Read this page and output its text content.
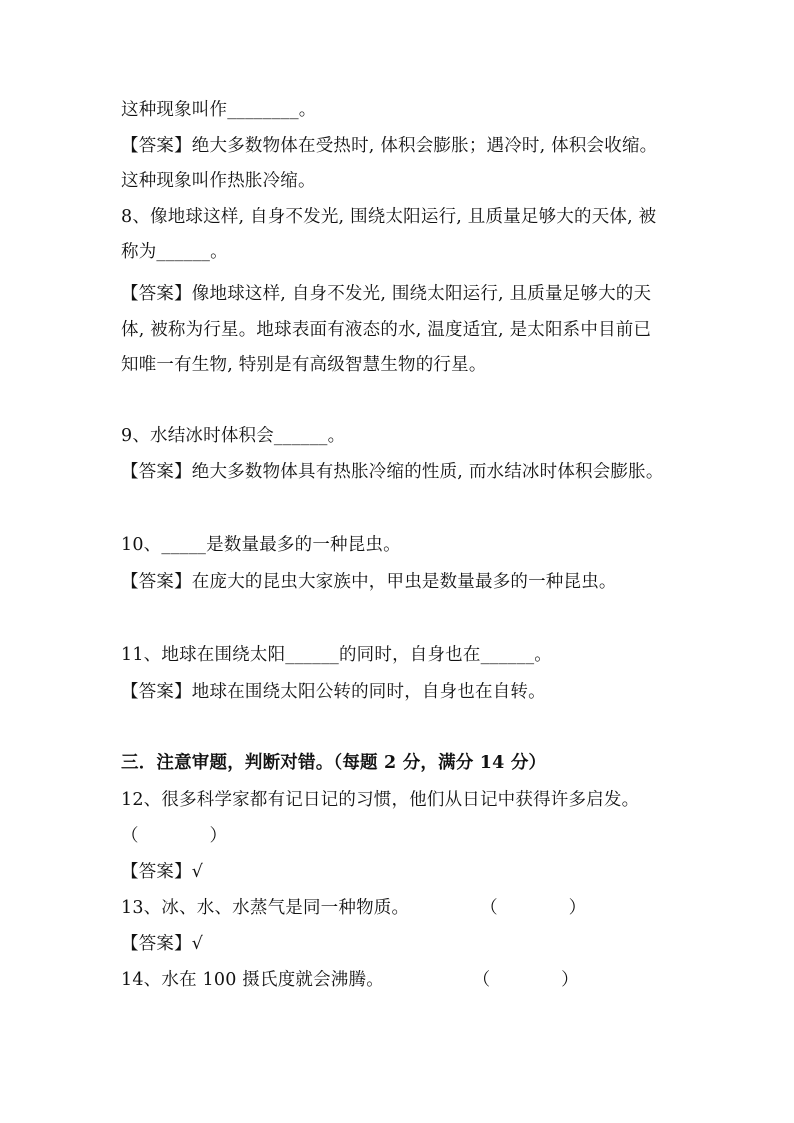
这种现象叫作________。
【答案】绝大多数物体在受热时, 体积会膨胀；遇冷时, 体积会收缩。
这种现象叫作热胀冷缩。
8、像地球这样, 自身不发光, 围绕太阳运行, 且质量足够大的天体, 被
称为______。
【答案】像地球这样, 自身不发光, 围绕太阳运行, 且质量足够大的天
体, 被称为行星。地球表面有液态的水, 温度适宜, 是太阳系中目前已
知唯一有生物, 特别是有高级智慧生物的行星。
9、水结冰时体积会______。
【答案】绝大多数物体具有热胀冷缩的性质, 而水结冰时体积会膨胀。
10、_____是数量最多的一种昆虫。
【答案】在庞大的昆虫大家族中，甲虫是数量最多的一种昆虫。
11、地球在围绕太阳______的同时，自身也在______。
【答案】地球在围绕太阳公转的同时，自身也在自转。
三．注意审题，判断对错。（每题 2 分，满分 14 分）
12、很多科学家都有记日记的习惯，他们从日记中获得许多启发。
（　　　　）
【答案】√
13、冰、水、水蒸气是同一种物质。　　　　　（　　　　）
【答案】√
14、水在 100 摄氏度就会沸腾。　　　　　　（　　　　）
